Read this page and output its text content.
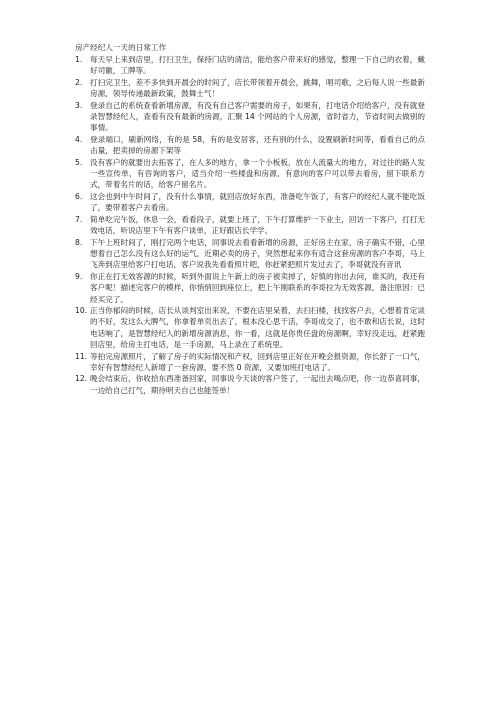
房产经纪人一天的日常工作
1.	每天早上来到店里，打扫卫生，保持门店的清洁，能给客户带来好的感觉，整理一下自己的衣着，戴好司徽，工牌等。
2.	打扫完卫生，差不多快到开晨会的时间了，店长带领着开晨会，跳舞，唱司歌，之后每人说一些最新房源，领导传递最新政策，鼓舞士气！
3.	登录自己的系统查看新增房源，有没有自己客户需要的房子，如果有，打电话介绍给客户，没有就登录智慧经纪人，查看有没有最新的房源，汇聚 14 个网站的个人房源，省时省力，节省时间去做别的事情。
4.	登录端口，刷新网络，有的是 58，有的是安居客，还有别的什么，设置刷新时间等，看看自己的点击量，把卖掉的房源下架等
5.	没有客户的就要出去拓客了，在人多的地方，拿一个小板板，放在人流量大的地方，对过往的路人发一些宣传单，有咨询的客户，适当介绍一些楼盘和房源，有意向的客户可以带去看房，留下联系方式，带着名片的话，给客户留名片。
6.	这会也到中午时间了，没有什么事情，就回店放好东西，准备吃午饭了，有客户的经纪人就不能吃饭了，要带着客户去看房。
7.	简单吃完午饭，休息一会，看看段子，就要上班了，下午打算维护一下业主，回访一下客户，打打无效电话，听说店里下午有客户谈单，正好跟店长学学。
8.	下午上班时间了，刚打完两个电话，同事说去看看新增的房源，正好房主在家，房子确实不错，心里想着自己怎么没有这么好的运气，近期必卖的房子，突然想起来你有适合这套房源的客户李哥，马上飞奔到店里给客户打电话，客户说我先看看照片吧，你赶紧把照片发过去了，李哥就没有音讯
9.	你正在打无效客源的时候，听到外面说上午新上的房子被卖掉了，好慎的你出去问，谁买的，我还有客户呢！描述完客户的模样，你悄悄回到座位上，把上午刚联系的李哥拉为无效客源，备注原因：已经买完了。
10. 正当你郁闷的时候，店长从谈判室出来说，不要在店里呆着，去扫扫楼，找找客户去，心想着肯定谈的不好，发这么大脾气，你拿着单页出去了，根本没心思干活，李哥成交了，也不敢和店长说，这时电话响了，是智慧经纪人的新增房源消息，你一看，这就是你贵任盘的房源啊，幸好没走远，赶紧跑回店里，给房主打电话，是一手房源，马上录在了系统里。
11. 等拍完房源照片，了解了房子的实际情况和产权，回到店里正好在开晚会报资源，你长舒了一口气，幸好有智慧经纪人新增了一套房源，要不然 0 资源，又要加班打电话了。
12. 晚会结束后，你收拾东西准备回家，同事说今天谈的客户签了，一起出去喝点吧，你一边恭喜同事，一边给自己打气，期待明天自己也能签单！
